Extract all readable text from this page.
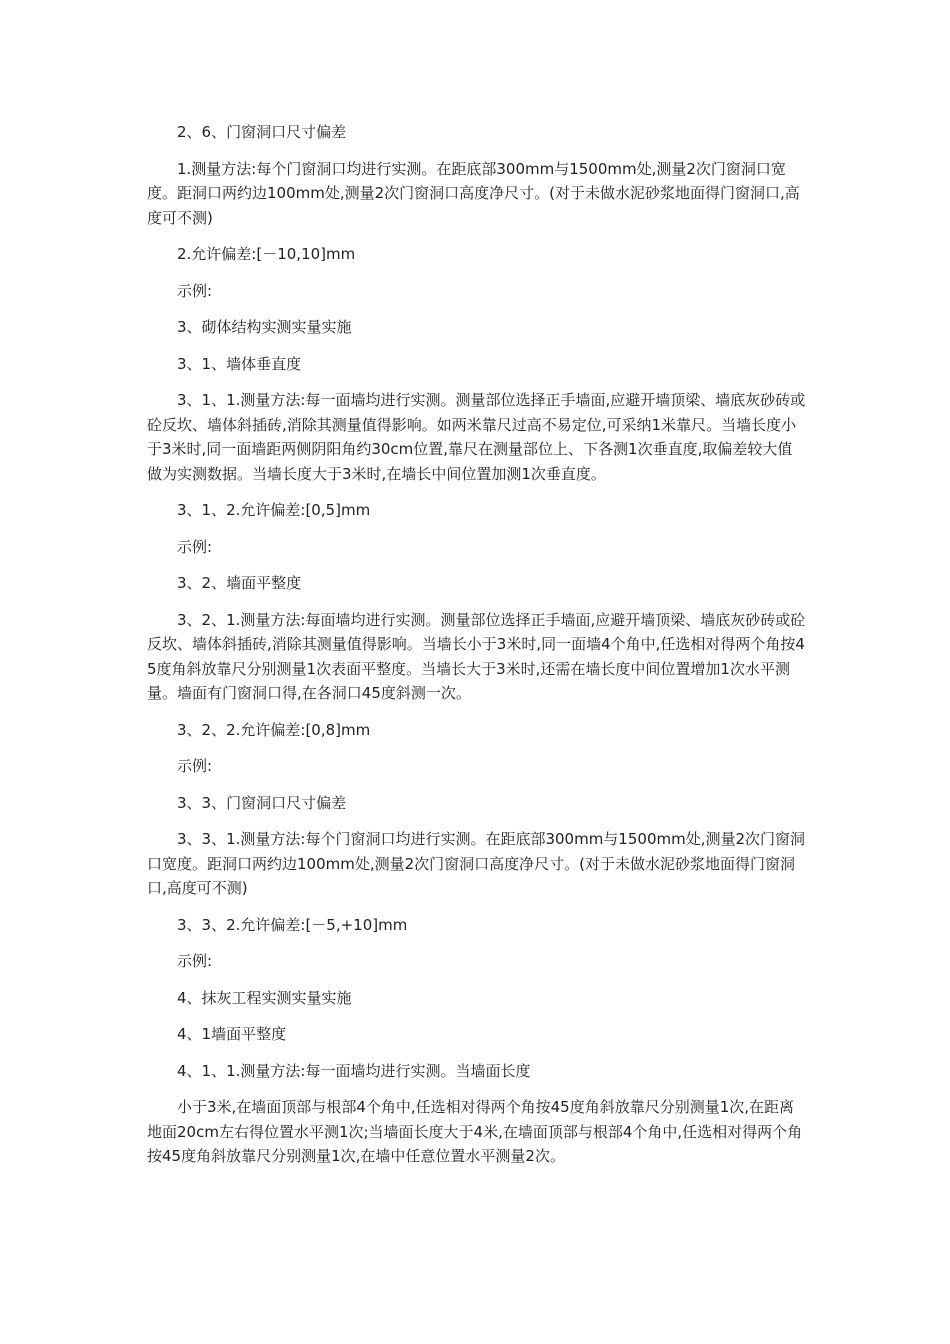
2、6、门窗洞口尺寸偏差

1.测量方法:每个门窗洞口均进行实测。在距底部300mm与1500mm处,测量2次门窗洞口宽度。距洞口两约边100mm处,测量2次门窗洞口高度净尺寸。(对于未做水泥砂浆地面得门窗洞口,高度可不测)

2.允许偏差:[－10,10]mm

示例:

3、砌体结构实测实量实施

3、1、墙体垂直度

3、1、1.测量方法:每一面墙均进行实测。测量部位选择正手墙面,应避开墙顶梁、墙底灰砂砖或砼反坎、墙体斜插砖,消除其测量值得影响。如两米靠尺过高不易定位,可采纳1米靠尺。当墙长度小于3米时,同一面墙距两侧阴阳角约30cm位置,靠尺在测量部位上、下各测1次垂直度,取偏差较大值做为实测数据。当墙长度大于3米时,在墙长中间位置加测1次垂直度。

3、1、2.允许偏差:[0,5]mm

示例:

3、2、墙面平整度

3、2、1.测量方法:每面墙均进行实测。测量部位选择正手墙面,应避开墙顶梁、墙底灰砂砖或砼反坎、墙体斜插砖,消除其测量值得影响。当墙长小于3米时,同一面墙4个角中,任选相对得两个角按45度角斜放靠尺分别测量1次表面平整度。当墙长大于3米时,还需在墙长度中间位置增加1次水平测量。墙面有门窗洞口得,在各洞口45度斜测一次。

3、2、2.允许偏差:[0,8]mm

示例:

3、3、门窗洞口尺寸偏差

3、3、1.测量方法:每个门窗洞口均进行实测。在距底部300mm与1500mm处,测量2次门窗洞口宽度。距洞口两约边100mm处,测量2次门窗洞口高度净尺寸。(对于未做水泥砂浆地面得门窗洞口,高度可不测)

3、3、2.允许偏差:[－5,+10]mm

示例:

4、抹灰工程实测实量实施

4、1墙面平整度

4、1、1.测量方法:每一面墙均进行实测。当墙面长度

小于3米,在墙面顶部与根部4个角中,任选相对得两个角按45度角斜放靠尺分别测量1次,在距离地面20cm左右得位置水平测1次;当墙面长度大于4米,在墙面顶部与根部4个角中,任选相对得两个角按45度角斜放靠尺分别测量1次,在墙中任意位置水平测量2次。
